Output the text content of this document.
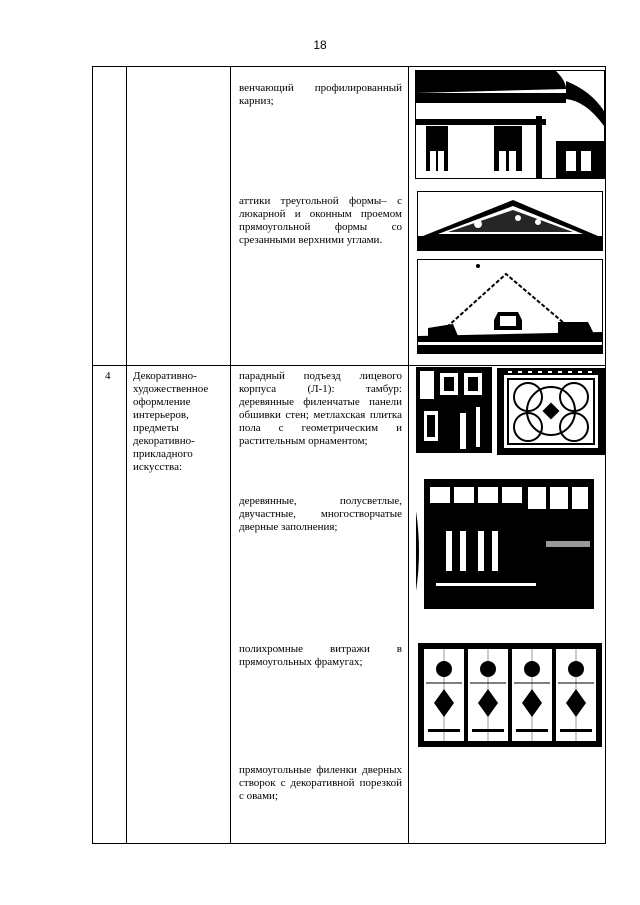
18
венчающий профилированный карниз;
аттики треугольной формы– с люкарной и оконным проемом прямоугольной формы со срезанными верхними углами.
4 Декоративно-художественное оформление интерьеров, предметы декоративно-прикладного искусства:
парадный подъезд лицевого корпуса (Л-1): тамбур: деревянные филенчатые панели обшивки стен; метлахская плитка пола с геометрическим и растительным орнаментом;
деревянные, полусветлые, двучастные, многостворчатые дверные заполнения;
полихромные витражи в прямоугольных фрамугах;
прямоугольные филенки дверных створок с декоративной порезкой с овами;
